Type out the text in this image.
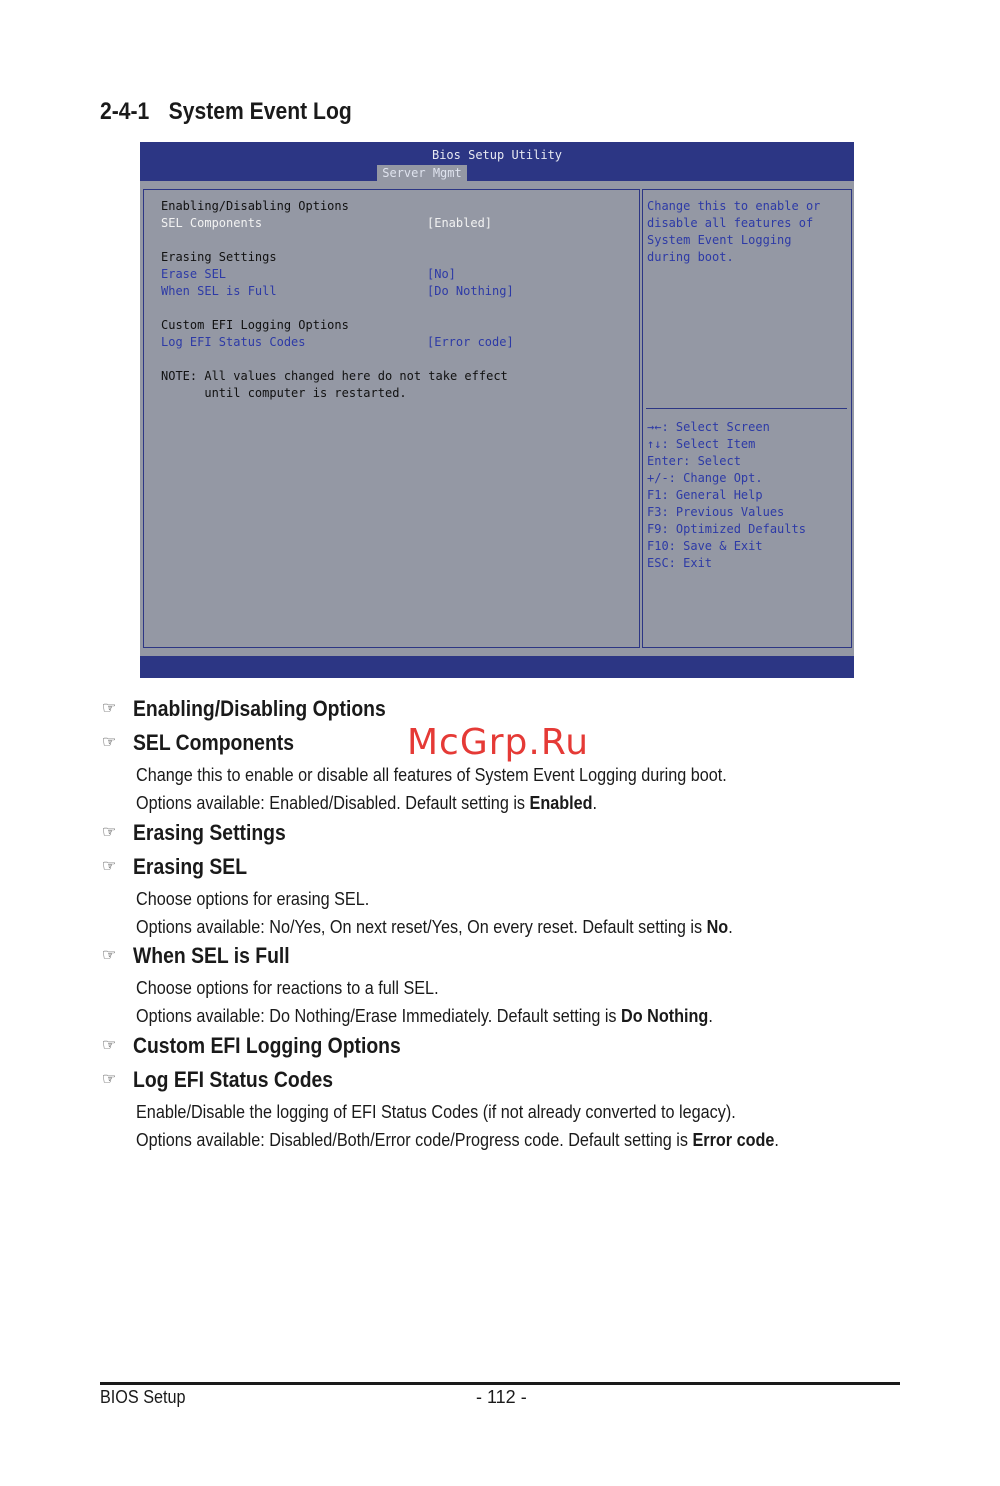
2-4-1 System Event Log
Bios Setup Utility
Server Mgmt
Enabling/Disabling Options
SEL Components	[Enabled]
Erasing Settings
Erase SEL	[No]
When SEL is Full	[Do Nothing]
Custom EFI Logging Options
Log EFI Status Codes	[Error code]
NOTE: All values changed here do not take effect
until computer is restarted.
Change this to enable or
disable all features of
System Event Logging
during boot.
→←: Select Screen
↑↓: Select Item
Enter: Select
+/-: Change Opt.
F1: General Help
F3: Previous Values
F9: Optimized Defaults
F10: Save & Exit
ESC: Exit
☞ Enabling/Disabling Options
☞ SEL Components
Change this to enable or disable all features of System Event Logging during boot.
Options available: Enabled/Disabled. Default setting is Enabled.
☞ Erasing Settings
☞ Erasing SEL
Choose options for erasing SEL.
Options available: No/Yes, On next reset/Yes, On every reset. Default setting is No.
☞ When SEL is Full
Choose options for reactions to a full SEL.
Options available: Do Nothing/Erase Immediately. Default setting is Do Nothing.
☞ Custom EFI Logging Options
☞ Log EFI Status Codes
Enable/Disable the logging of EFI Status Codes (if not already converted to legacy).
Options available: Disabled/Both/Error code/Progress code. Default setting is Error code.
McGrp.Ru
BIOS Setup	- 112 -
